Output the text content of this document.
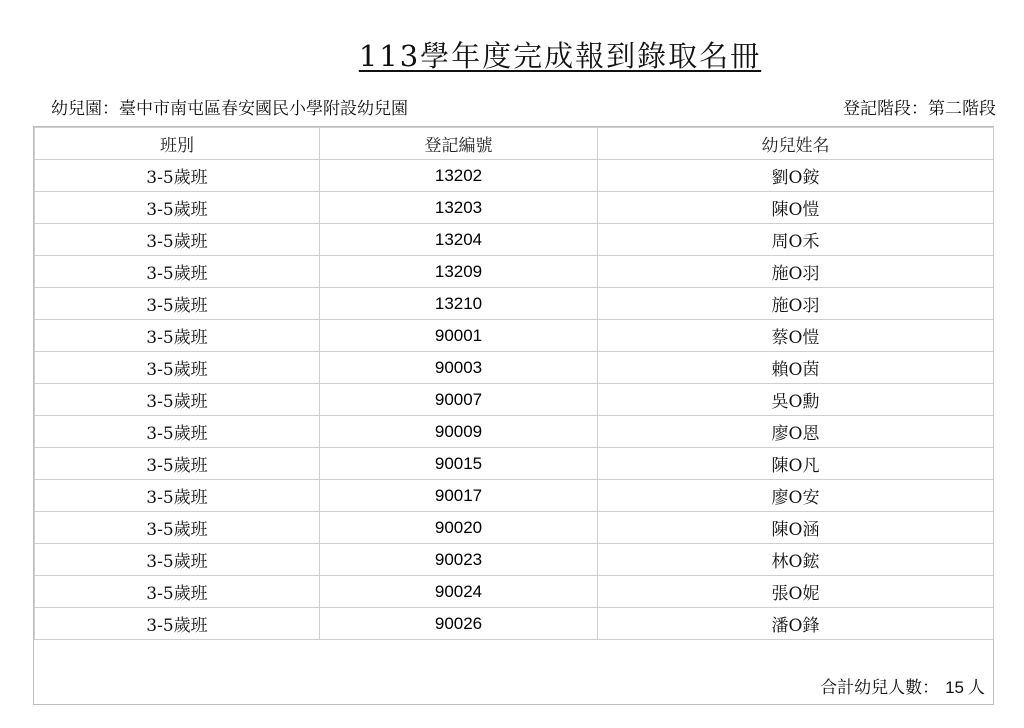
113學年度完成報到錄取名冊
幼兒園：臺中市南屯區春安國民小學附設幼兒園	登記階段：第二階段
班別	登記編號	幼兒姓名
3-5歲班	13202	劉O銨
3-5歲班	13203	陳O愷
3-5歲班	13204	周O禾
3-5歲班	13209	施O羽
3-5歲班	13210	施O羽
3-5歲班	90001	蔡O愷
3-5歲班	90003	賴O茵
3-5歲班	90007	吳O勳
3-5歲班	90009	廖O恩
3-5歲班	90015	陳O凡
3-5歲班	90017	廖O安
3-5歲班	90020	陳O涵
3-5歲班	90023	林O鋐
3-5歲班	90024	張O妮
3-5歲班	90026	潘O鋒
合計幼兒人數： 15 人
